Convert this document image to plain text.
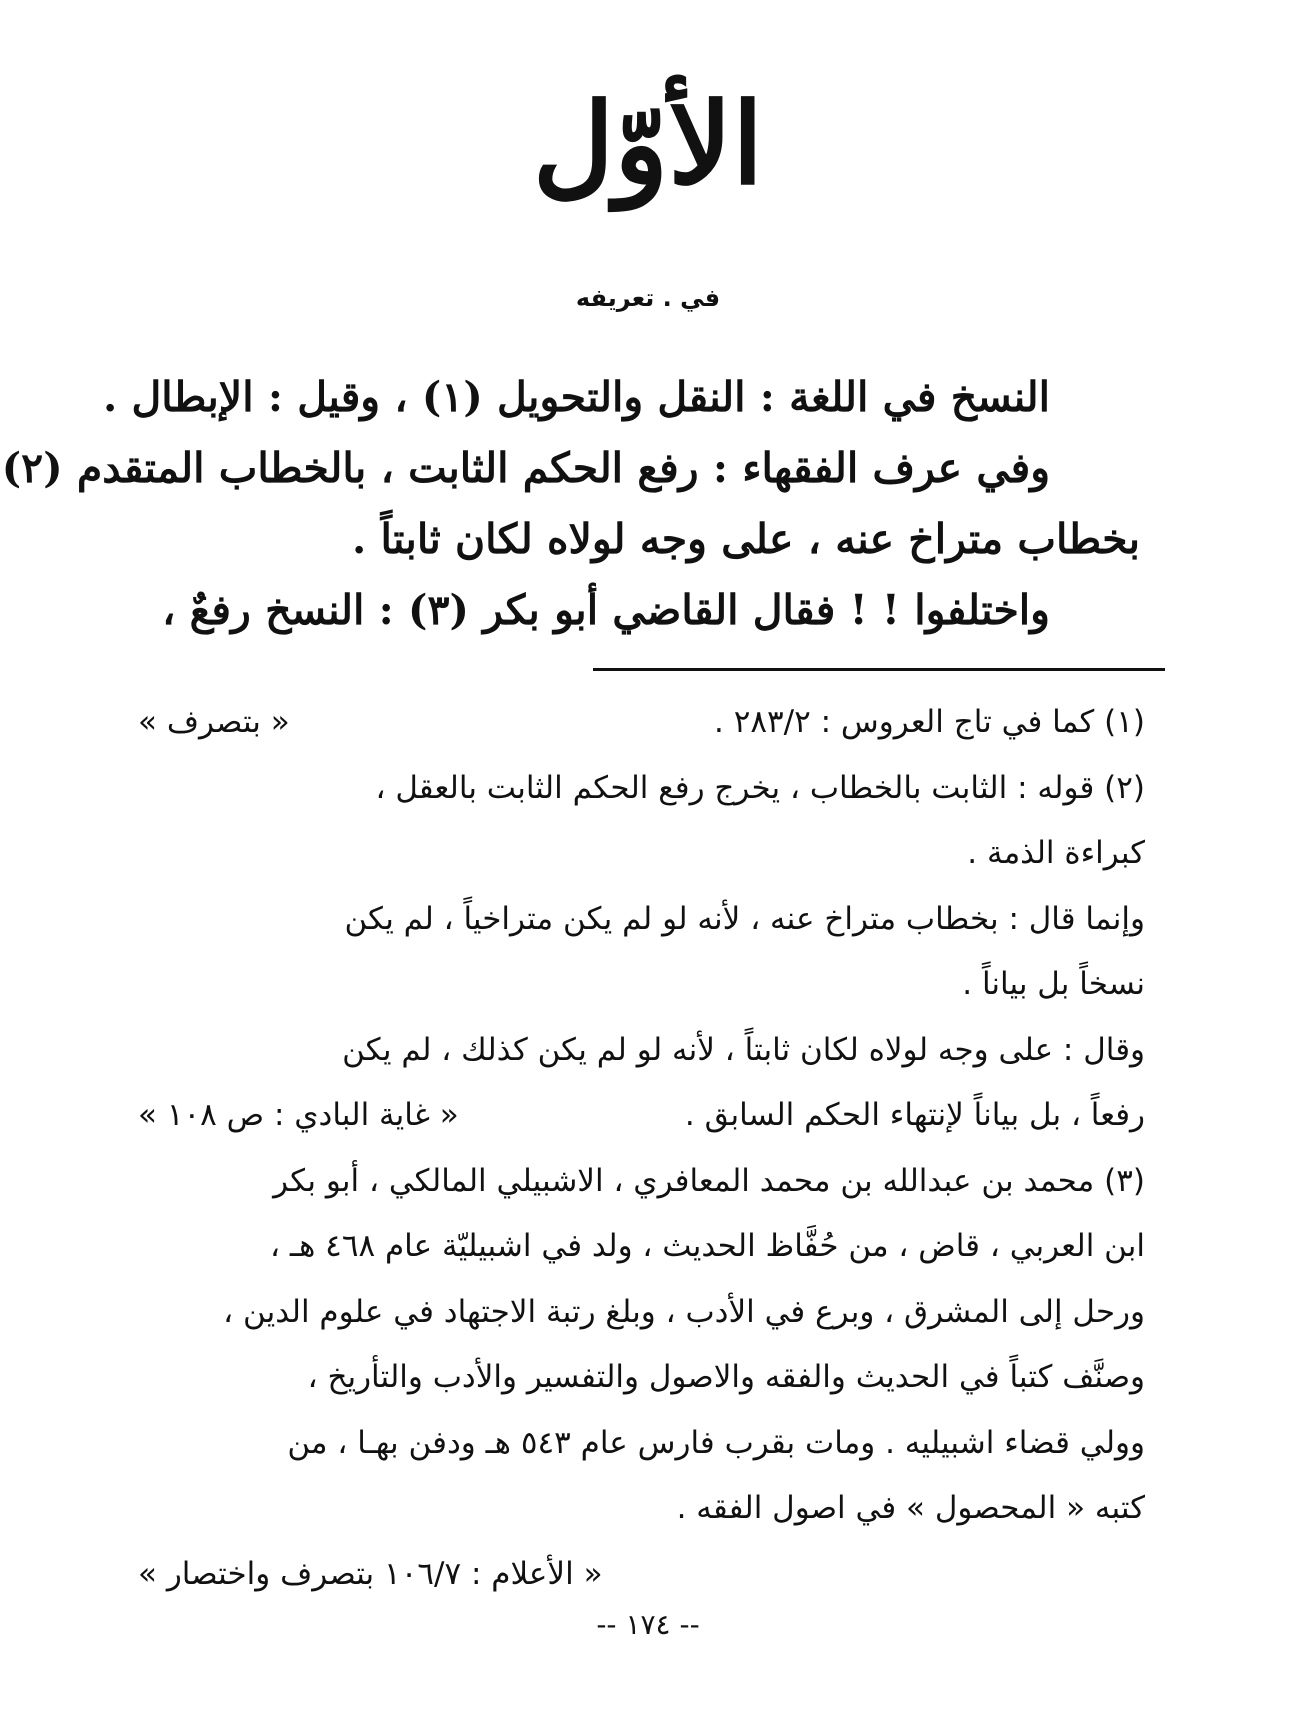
الأوّل
في . تعريفه
النسخ في اللغة : النقل والتحويل (١) ، وقيل : الإبطال .
وفي عرف الفقهاء : رفع الحكم الثابت ، بالخطاب المتقدم (٢)
بخطاب متراخ عنه ، على وجه لولاه لكان ثابتاً .
واختلفوا ! ! فقال القاضي أبو بكر (٣) : النسخ رفعٌ ،
(١) كما في تاج العروس : ٢٨٣/٢ .
« بتصرف »
(٢) قوله : الثابت بالخطاب ، يخرج رفع الحكم الثابت بالعقل ،
كبراءة الذمة .
وإنما قال : بخطاب متراخ عنه ، لأنه لو لم يكن متراخياً ، لم يكن
نسخاً بل بياناً .
وقال : على وجه لولاه لكان ثابتاً ، لأنه لو لم يكن كذلك ، لم يكن
رفعاً ، بل بياناً لإنتهاء الحكم السابق .
« غاية البادي : ص ١٠٨ »
(٣) محمد بن عبدالله بن محمد المعافري ، الاشبيلي المالكي ، أبو بكر
ابن العربي ، قاض ، من حُفَّاظ الحديث ، ولد في اشبيليّة عام ٤٦٨ هـ ،
ورحل إلى المشرق ، وبرع في الأدب ، وبلغ رتبة الاجتهاد في علوم الدين ،
وصنَّف كتباً في الحديث والفقه والاصول والتفسير والأدب والتأريخ ،
وولي قضاء اشبيليه . ومات بقرب فارس عام ٥٤٣ هـ ودفن بهـا ، من
كتبه « المحصول » في اصول الفقه .
« الأعلام : ١٠٦/٧ بتصرف واختصار »
-- ١٧٤ --
